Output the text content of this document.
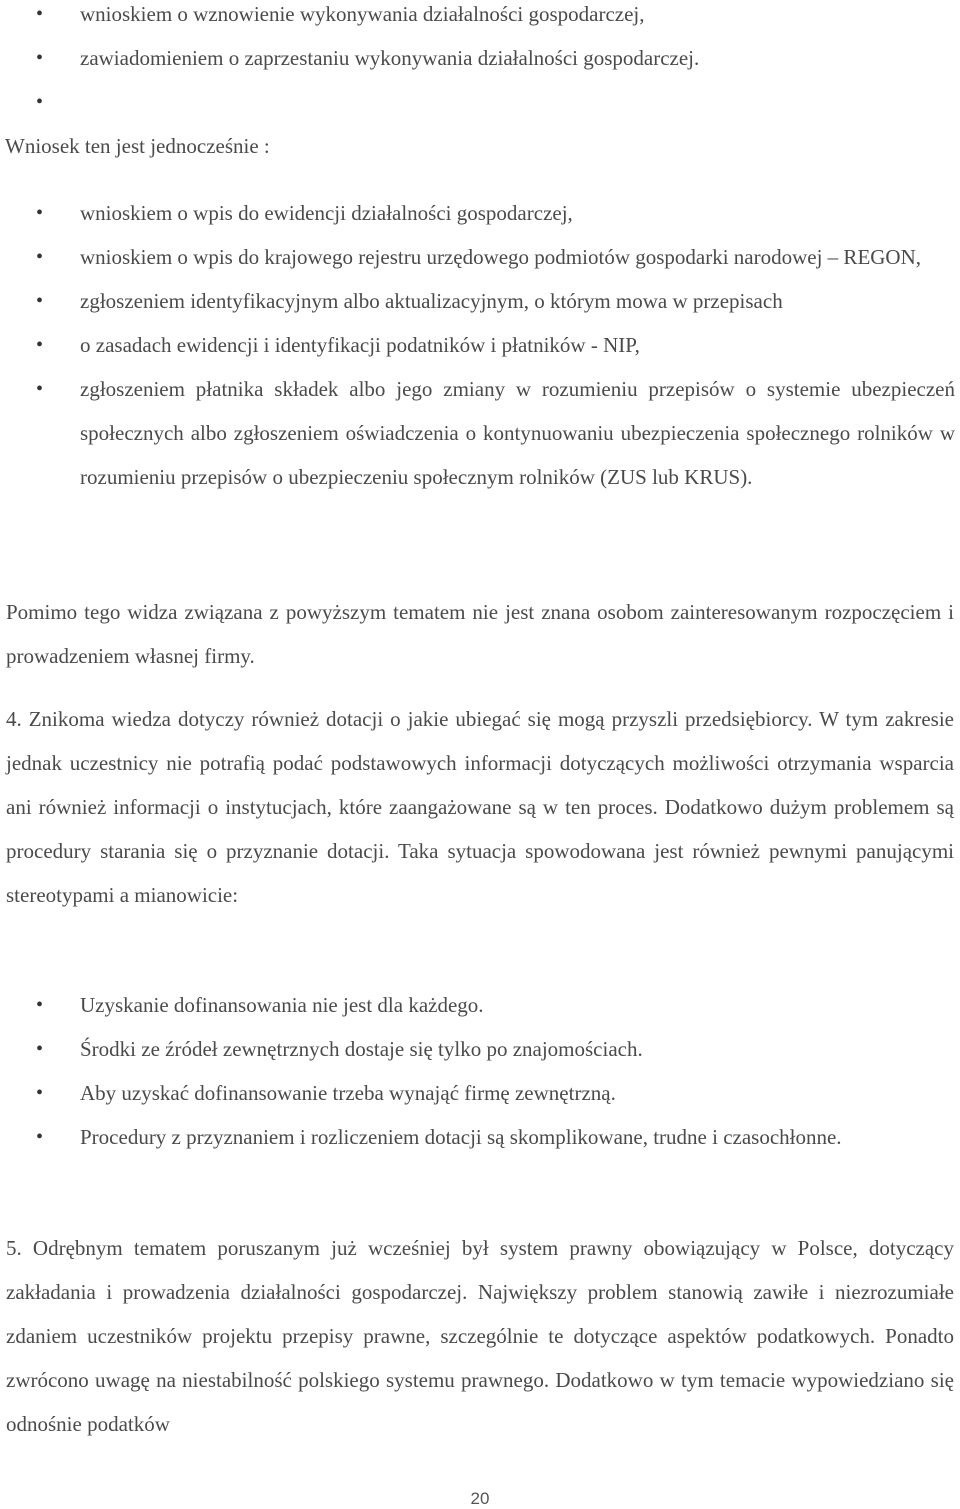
• wnioskiem o wznowienie wykonywania działalności gospodarczej,
• zawiadomieniem o zaprzestaniu wykonywania działalności gospodarczej.
•
Wniosek ten jest jednocześnie :
• wnioskiem o wpis do ewidencji działalności gospodarczej,
• wnioskiem o wpis do krajowego rejestru urzędowego podmiotów gospodarki narodowej – REGON,
• zgłoszeniem identyfikacyjnym albo aktualizacyjnym, o którym mowa w przepisach
• o zasadach ewidencji i identyfikacji podatników i płatników - NIP,
• zgłoszeniem płatnika składek albo jego zmiany w rozumieniu przepisów o systemie ubezpieczeń społecznych albo zgłoszeniem oświadczenia o kontynuowaniu ubezpieczenia społecznego rolników w rozumieniu przepisów o ubezpieczeniu społecznym rolników (ZUS lub KRUS).
Pomimo tego widza związana z powyższym tematem nie jest znana osobom zainteresowanym rozpoczęciem i prowadzeniem własnej firmy.
4. Znikoma wiedza dotyczy również dotacji o jakie ubiegać się mogą przyszli przedsiębiorcy. W tym zakresie jednak uczestnicy nie potrafią podać podstawowych informacji dotyczących możliwości otrzymania wsparcia ani również informacji o instytucjach, które zaangażowane są w ten proces. Dodatkowo dużym problemem są procedury starania się o przyznanie dotacji. Taka sytuacja spowodowana jest również pewnymi panującymi stereotypami a mianowicie:
• Uzyskanie dofinansowania nie jest dla każdego.
• Środki ze źródeł zewnętrznych dostaje się tylko po znajomościach.
• Aby uzyskać dofinansowanie trzeba wynająć firmę zewnętrzną.
• Procedury z przyznaniem i rozliczeniem dotacji są skomplikowane, trudne i czasochłonne.
5. Odrębnym tematem poruszanym już wcześniej był system prawny obowiązujący w Polsce, dotyczący zakładania i prowadzenia działalności gospodarczej. Największy problem stanowią zawiłe i niezrozumiałe zdaniem uczestników projektu przepisy prawne, szczególnie te dotyczące aspektów podatkowych. Ponadto zwrócono uwagę na niestabilność polskiego systemu prawnego. Dodatkowo w tym temacie wypowiedziano się odnośnie podatków
20
